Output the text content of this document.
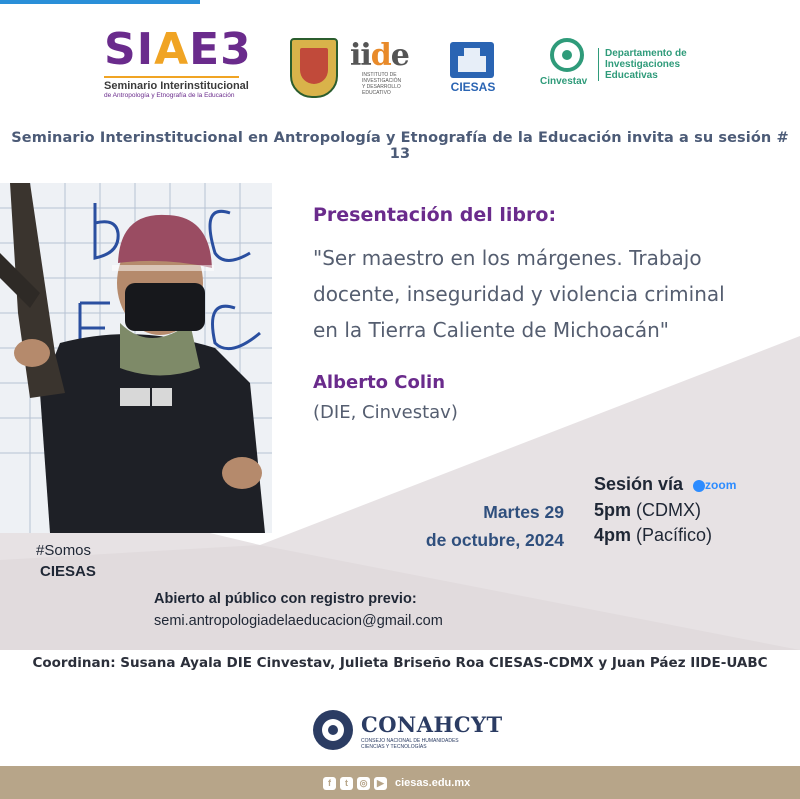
SIAE3
Seminario Interinstitucional
de Antropología y Etnografía de la Educación
iide
INSTITUTO DE
INVESTIGACIÓN
Y DESARROLLO
EDUCATIVO	CIESAS	Cinvestav
Departamento de
Investigaciones
Educativas
Seminario Interinstitucional en Antropología y Etnografía de la Educación invita a su sesión # 13
Presentación del libro:
"Ser maestro en los márgenes. Trabajo docente, inseguridad y violencia criminal en la Tierra Caliente de Michoacán"
Alberto Colin
(DIE, Cinvestav)
Martes 29
de octubre, 2024
Sesión vía zoom
5pm (CDMX)
4pm (Pacífico)
#Somos
CIESAS
Abierto al público con registro previo:
semi.antropologiadelaeducacion@gmail.com
Coordinan: Susana Ayala DIE Cinvestav, Julieta Briseño Roa CIESAS-CDMX y Juan Páez IIDE-UABC
CONAHCYT
CONSEJO NACIONAL DE HUMANIDADES
CIENCIAS Y TECNOLOGÍAS
f	t	◎	▶ ciesas.edu.mx
